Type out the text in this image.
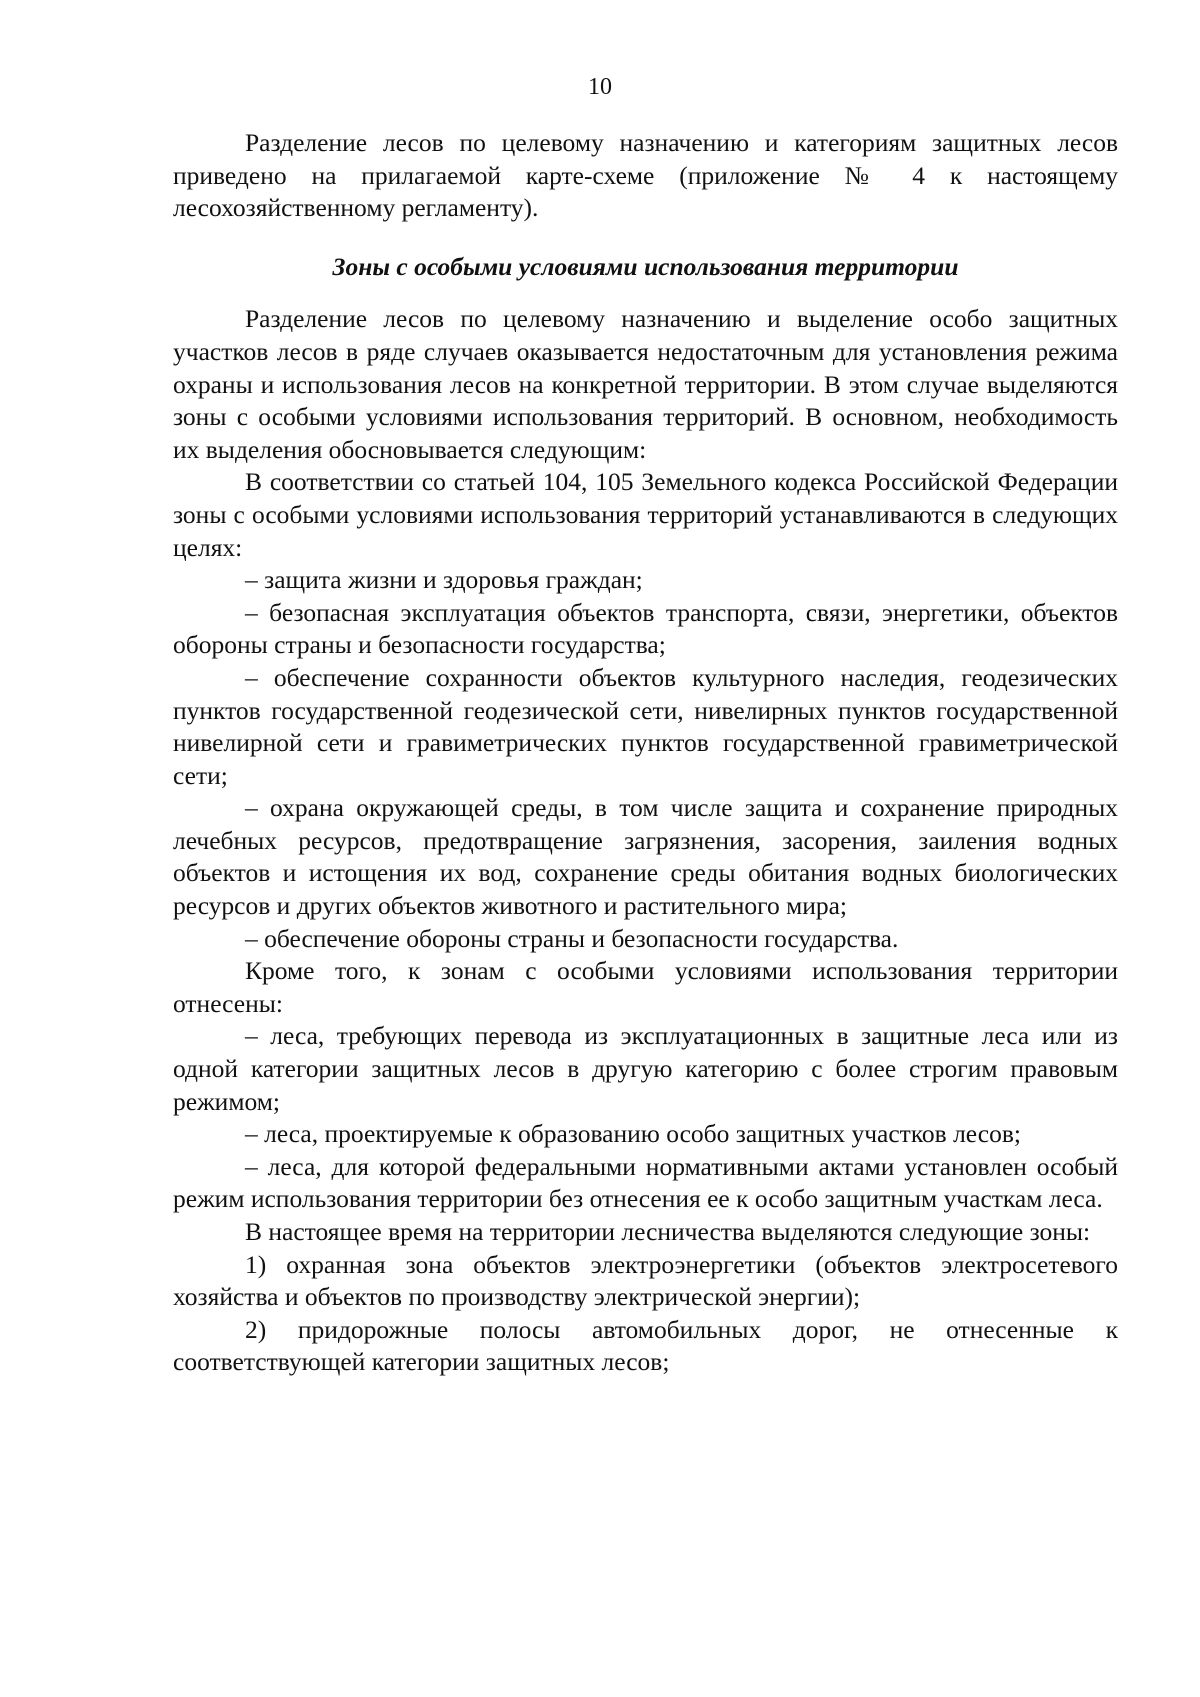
10

Разделение лесов по целевому назначению и категориям защитных лесов приведено на прилагаемой карте-схеме (приложение № 4 к настоящему лесохозяйственному регламенту).

Зоны с особыми условиями использования территории

Разделение лесов по целевому назначению и выделение особо защитных участков лесов в ряде случаев оказывается недостаточным для установления режима охраны и использования лесов на конкретной территории. В этом случае выделяются зоны с особыми условиями использования территорий. В основном, необходимость их выделения обосновывается следующим:

В соответствии со статьей 104, 105 Земельного кодекса Российской Федерации зоны с особыми условиями использования территорий устанавливаются в следующих целях:

– защита жизни и здоровья граждан;

– безопасная эксплуатация объектов транспорта, связи, энергетики, объектов обороны страны и безопасности государства;

– обеспечение сохранности объектов культурного наследия, геодезических пунктов государственной геодезической сети, нивелирных пунктов государственной нивелирной сети и гравиметрических пунктов государственной гравиметрической сети;

– охрана окружающей среды, в том числе защита и сохранение природных лечебных ресурсов, предотвращение загрязнения, засорения, заиления водных объектов и истощения их вод, сохранение среды обитания водных биологических ресурсов и других объектов животного и растительного мира;

– обеспечение обороны страны и безопасности государства.

Кроме того, к зонам с особыми условиями использования территории отнесены:

– леса, требующих перевода из эксплуатационных в защитные леса или из одной категории защитных лесов в другую категорию с более строгим правовым режимом;

– леса, проектируемые к образованию особо защитных участков лесов;

– леса, для которой федеральными нормативными актами установлен особый режим использования территории без отнесения ее к особо защитным участкам леса.

В настоящее время на территории лесничества выделяются следующие зоны:

1) охранная зона объектов электроэнергетики (объектов электросетевого хозяйства и объектов по производству электрической энергии);

2) придорожные полосы автомобильных дорог, не отнесенные к соответствующей категории защитных лесов;
